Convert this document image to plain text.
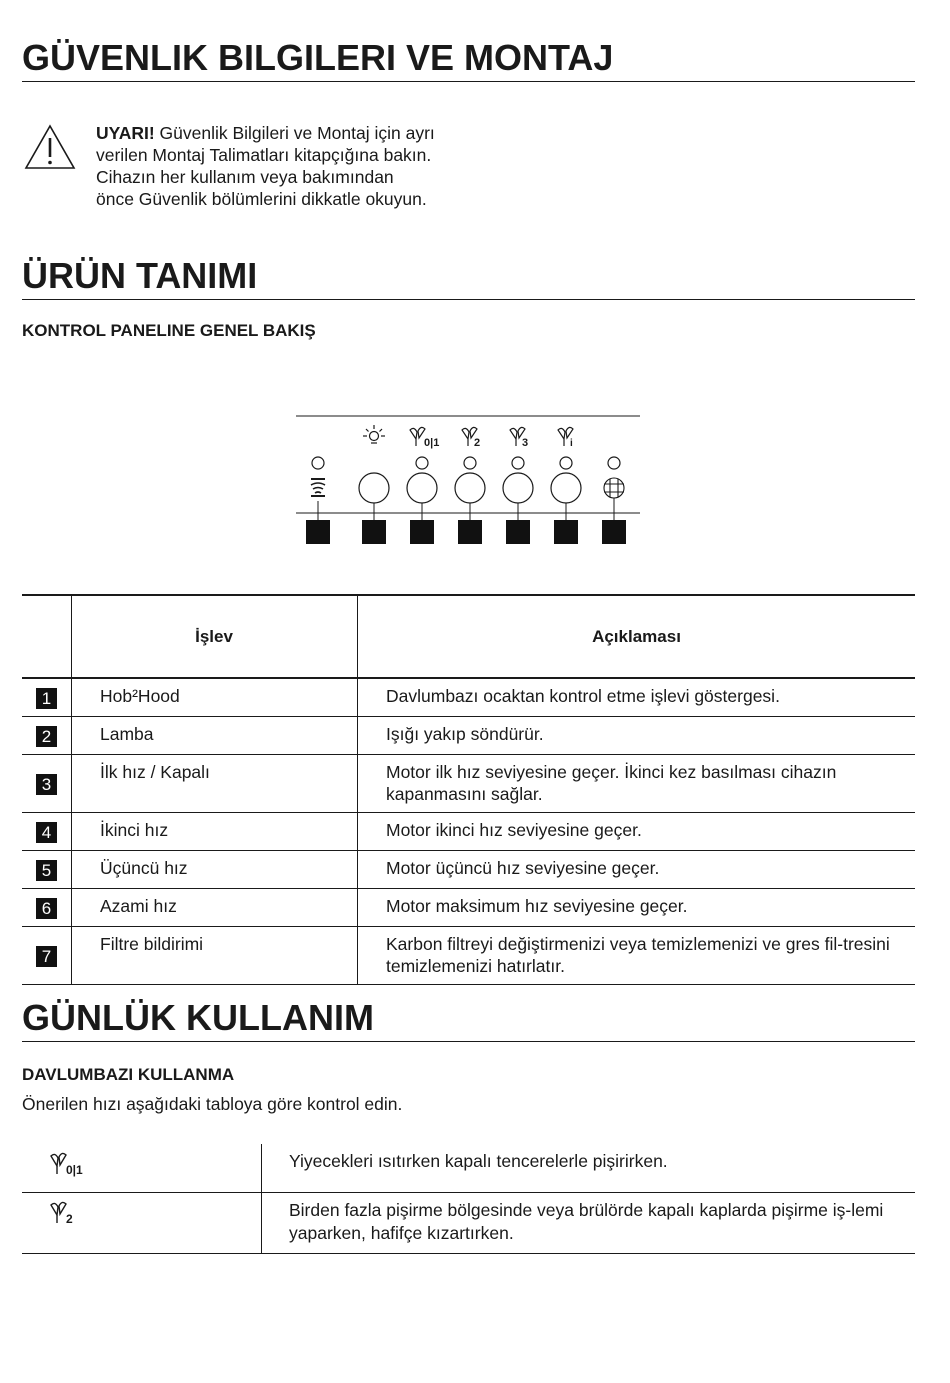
GÜVENLIK BILGILERI VE MONTAJ
UYARI! Güvenlik Bilgileri ve Montaj için ayrı verilen Montaj Talimatları kitapçığına bakın. Cihazın her kullanım veya bakımından önce Güvenlik bölümlerini dikkatle okuyun.
ÜRÜN TANIMI
KONTROL PANELINE GENEL BAKIŞ
0|1	2	3	i
	İşlev	Açıklaması
1	Hob²Hood	Davlumbazı ocaktan kontrol etme işlevi göstergesi.
2	Lamba	Işığı yakıp söndürür.
3	İlk hız / Kapalı	Motor ilk hız seviyesine geçer. İkinci kez basılması cihazın kapanmasını sağlar.
4	İkinci hız	Motor ikinci hız seviyesine geçer.
5	Üçüncü hız	Motor üçüncü hız seviyesine geçer.
6	Azami hız	Motor maksimum hız seviyesine geçer.
7	Filtre bildirimi	Karbon filtreyi değiştirmenizi veya temizlemenizi ve gres fil-tresini temizlemenizi hatırlatır.
GÜNLÜK KULLANIM
DAVLUMBAZI KULLANMA
Önerilen hızı aşağıdaki tabloya göre kontrol edin.
0|1	Yiyecekleri ısıtırken kapalı tencerelerle pişirirken.

2	Birden fazla pişirme bölgesinde veya brülörde kapalı kaplarda pişirme iş-lemi yaparken, hafifçe kızartırken.
